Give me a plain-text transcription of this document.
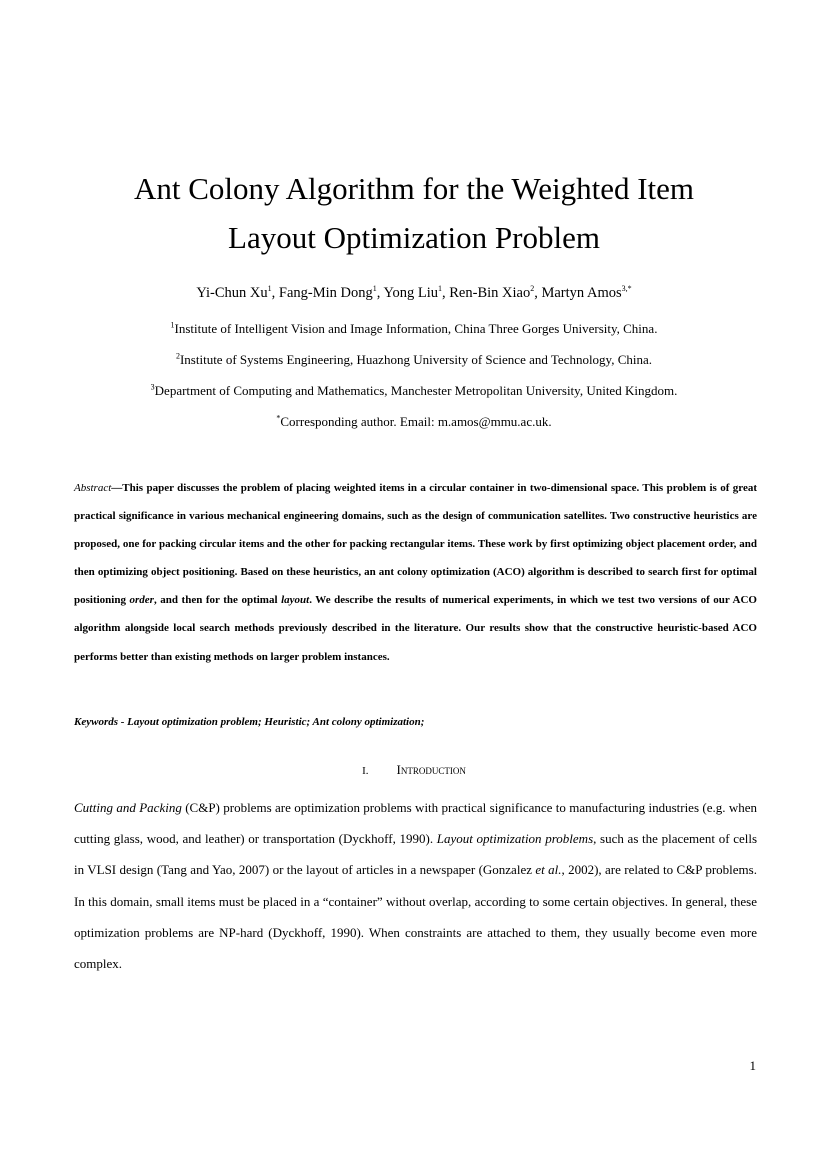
Ant Colony Algorithm for the Weighted Item
Layout Optimization Problem
Yi-Chun Xu$^1$, Fang-Min Dong$^1$, Yong Liu$^1$, Ren-Bin Xiao$^2$, Martyn Amos$^{3,*}$
$^1$Institute of Intelligent Vision and Image Information, China Three Gorges University, China.
$^2$Institute of Systems Engineering, Huazhong University of Science and Technology, China.
$^3$Department of Computing and Mathematics, Manchester Metropolitan University, United Kingdom.
*Corresponding author. Email: m.amos@mmu.ac.uk.
Abstract—This paper discusses the problem of placing weighted items in a circular container in two-dimensional space. This problem is of great practical significance in various mechanical engineering domains, such as the design of communication satellites. Two constructive heuristics are proposed, one for packing circular items and the other for packing rectangular items. These work by first optimizing object placement order, and then optimizing object positioning. Based on these heuristics, an ant colony optimization (ACO) algorithm is described to search first for optimal positioning order, and then for the optimal layout. We describe the results of numerical experiments, in which we test two versions of our ACO algorithm alongside local search methods previously described in the literature. Our results show that the constructive heuristic-based ACO performs better than existing methods on larger problem instances.
Keywords - Layout optimization problem; Heuristic; Ant colony optimization;
I. Introduction
Cutting and Packing (C&P) problems are optimization problems with practical significance to manufacturing industries (e.g. when cutting glass, wood, and leather) or transportation (Dyckhoff, 1990). Layout optimization problems, such as the placement of cells in VLSI design (Tang and Yao, 2007) or the layout of articles in a newspaper (Gonzalez et al., 2002), are related to C&P problems. In this domain, small items must be placed in a “container” without overlap, according to some certain objectives. In general, these optimization problems are NP-hard (Dyckhoff, 1990). When constraints are attached to them, they usually become even more complex.
1
